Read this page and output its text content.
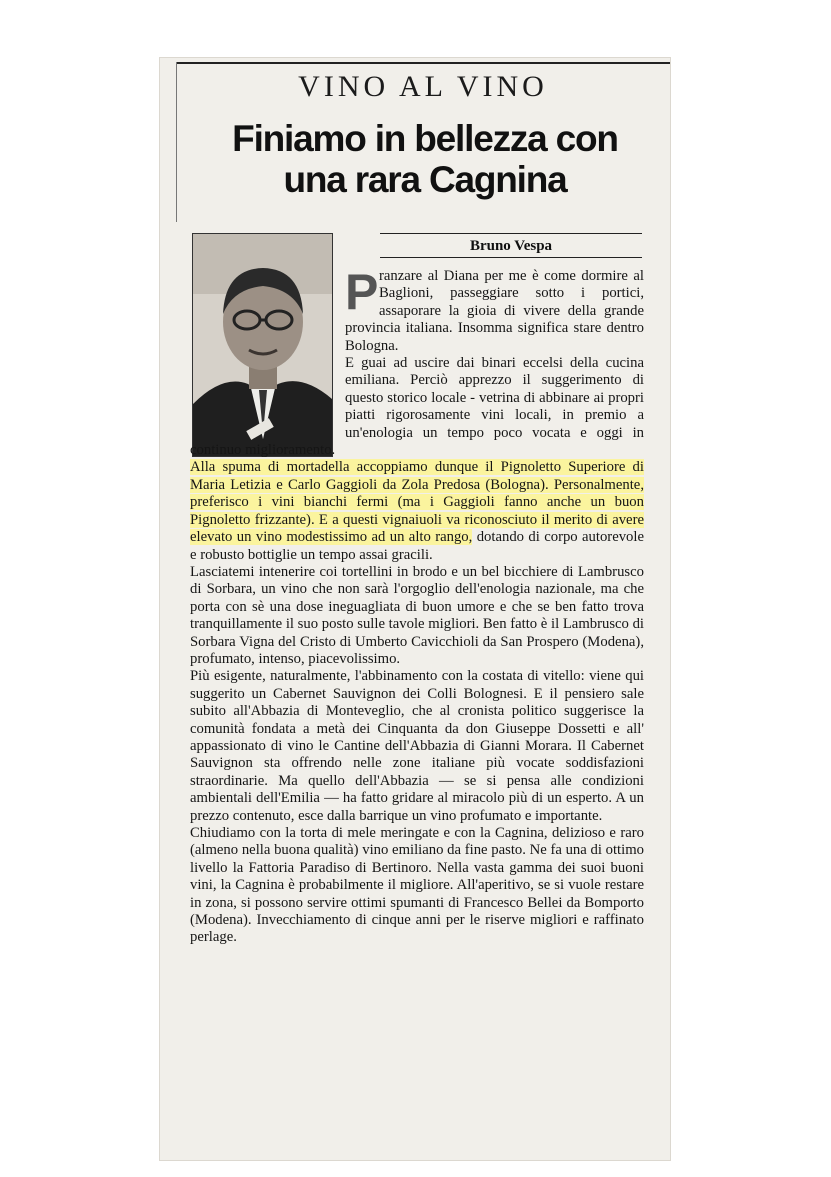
VINO AL VINO
Finiamo in bellezza con una rara Cagnina
Bruno Vespa
P ranzare al Diana per me è come dormire al Baglioni, passeggiare sotto i portici, assaporare la gioia di vivere della grande provincia italiana. Insomma significa stare dentro Bologna.

E guai ad uscire dai binari eccelsi della cucina emiliana. Perciò apprezzo il suggerimento di questo storico locale - vetrina di abbinare ai propri piatti rigorosamente vini locali, in premio a un'enologia un tempo poco vocata e oggi in continuo miglioramento.

Alla spuma di mortadella accoppiamo dunque il Pignoletto Superiore di Maria Letizia e Carlo Gaggioli da Zola Predosa (Bologna). Personalmente, preferisco i vini bianchi fermi (ma i Gaggioli fanno anche un buon Pignoletto frizzante). E a questi vignaiuoli va riconosciuto il merito di avere elevato un vino modestissimo ad un alto rango, dotando di corpo autorevole e robusto bottiglie un tempo assai gracili.

Lasciatemi intenerire coi tortellini in brodo e un bel bicchiere di Lambrusco di Sorbara, un vino che non sarà l'orgoglio dell'enologia nazionale, ma che porta con sè una dose ineguagliata di buon umore e che se ben fatto trova tranquillamente il suo posto sulle tavole migliori. Ben fatto è il Lambrusco di Sorbara Vigna del Cristo di Umberto Cavicchioli da San Prospero (Modena), profumato, intenso, piacevolissimo.

Più esigente, naturalmente, l'abbinamento con la costata di vitello: viene qui suggerito un Cabernet Sauvignon dei Colli Bolognesi. E il pensiero sale subito all'Abbazia di Monteveglio, che al cronista politico suggerisce la comunità fondata a metà dei Cinquanta da don Giuseppe Dossetti e all' appassionato di vino le Cantine dell'Abbazia di Gianni Morara. Il Cabernet Sauvignon sta offrendo nelle zone italiane più vocate soddisfazioni straordinarie. Ma quello dell'Abbazia — se si pensa alle condizioni ambientali dell'Emilia — ha fatto gridare al miracolo più di un esperto. A un prezzo contenuto, esce dalla barrique un vino profumato e importante.

Chiudiamo con la torta di mele meringate e con la Cagnina, delizioso e raro (almeno nella buona qualità) vino emiliano da fine pasto. Ne fa una di ottimo livello la Fattoria Paradiso di Bertinoro. Nella vasta gamma dei suoi buoni vini, la Cagnina è probabilmente il migliore. All'aperitivo, se si vuole restare in zona, si possono servire ottimi spumanti di Francesco Bellei da Bomporto (Modena). Invecchiamento di cinque anni per le riserve migliori e raffinato perlage.
